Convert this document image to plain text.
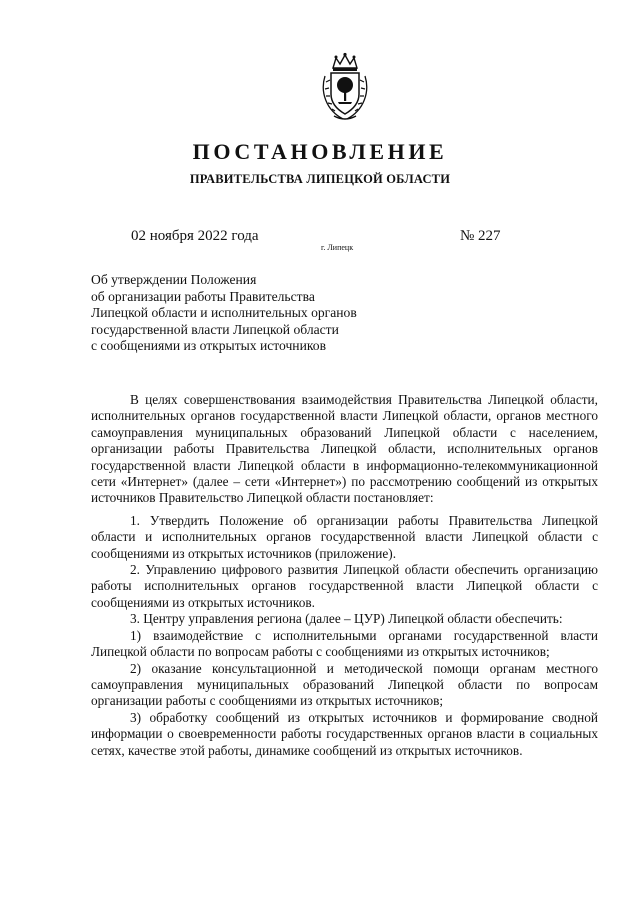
ПОСТАНОВЛЕНИЕ
ПРАВИТЕЛЬСТВА ЛИПЕЦКОЙ ОБЛАСТИ
02 ноября 2022 года
г. Липецк
№ 227
Об утверждении Положения
об организации работы Правительства
Липецкой области и исполнительных органов
государственной власти Липецкой области
с сообщениями из открытых источников

В целях совершенствования взаимодействия Правительства Липецкой области, исполнительных органов государственной власти Липецкой области, органов местного самоуправления муниципальных образований Липецкой области с населением, организации работы Правительства Липецкой области, исполнительных органов государственной власти Липецкой области в информационно-телекоммуникационной сети «Интернет» (далее – сети «Интернет») по рассмотрению сообщений из открытых источников Правительство Липецкой области постановляет:

1. Утвердить Положение об организации работы Правительства Липецкой области и исполнительных органов государственной власти Липецкой области с сообщениями из открытых источников (приложение).

2. Управлению цифрового развития Липецкой области обеспечить организацию работы исполнительных органов государственной власти Липецкой области с сообщениями из открытых источников.

3. Центру управления региона (далее – ЦУР) Липецкой области обеспечить:

1) взаимодействие с исполнительными органами государственной власти Липецкой области по вопросам работы с сообщениями из открытых источников;

2) оказание консультационной и методической помощи органам местного самоуправления муниципальных образований Липецкой области по вопросам организации работы с сообщениями из открытых источников;

3) обработку сообщений из открытых источников и формирование сводной информации о своевременности работы государственных органов власти в социальных сетях, качестве этой работы, динамике сообщений из открытых источников.
